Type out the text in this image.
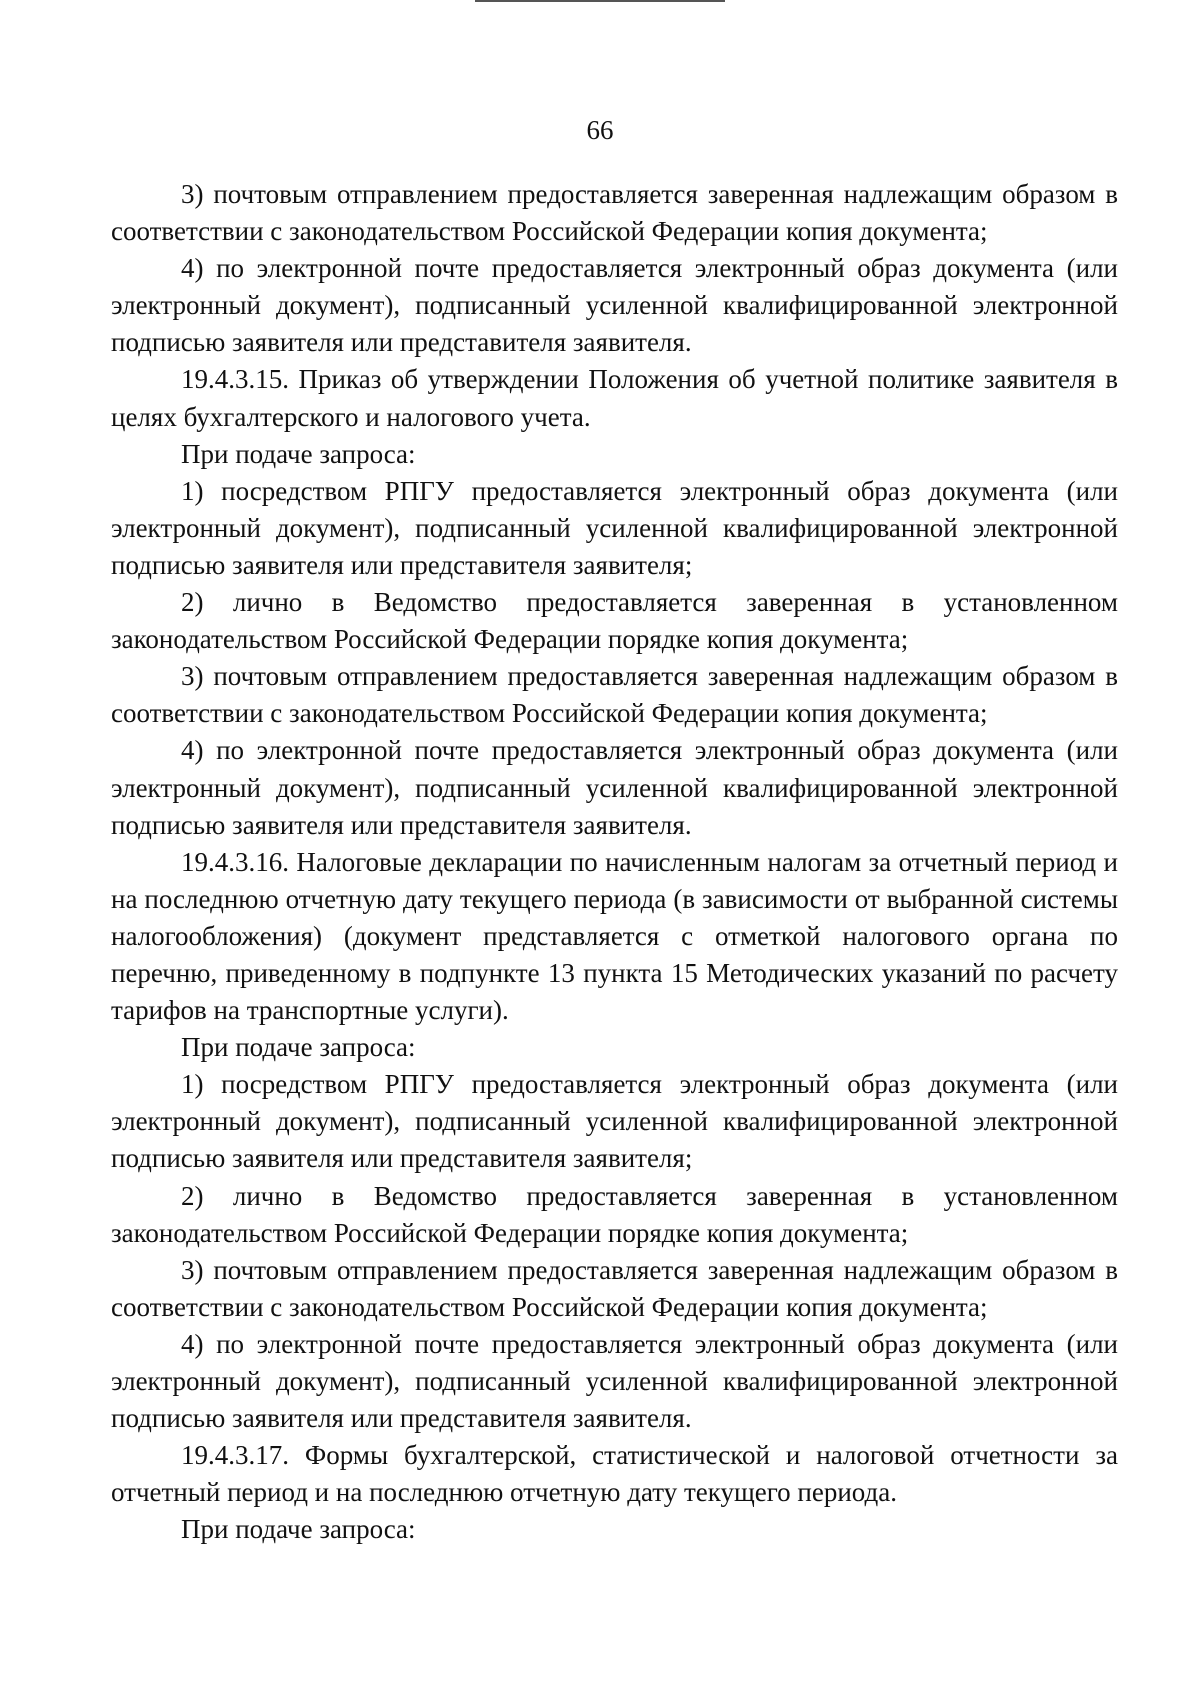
66

3) почтовым отправлением предоставляется заверенная надлежащим образом в соответствии с законодательством Российской Федерации копия документа;

4) по электронной почте предоставляется электронный образ документа (или электронный документ), подписанный усиленной квалифицированной электронной подписью заявителя или представителя заявителя.

19.4.3.15. Приказ об утверждении Положения об учетной политике заявителя в целях бухгалтерского и налогового учета.

При подаче запроса:

1) посредством РПГУ предоставляется электронный образ документа (или электронный документ), подписанный усиленной квалифицированной электронной подписью заявителя или представителя заявителя;

2) лично в Ведомство предоставляется заверенная в установленном законодательством Российской Федерации порядке копия документа;

3) почтовым отправлением предоставляется заверенная надлежащим образом в соответствии с законодательством Российской Федерации копия документа;

4) по электронной почте предоставляется электронный образ документа (или электронный документ), подписанный усиленной квалифицированной электронной подписью заявителя или представителя заявителя.

19.4.3.16. Налоговые декларации по начисленным налогам за отчетный период и на последнюю отчетную дату текущего периода (в зависимости от выбранной системы налогообложения) (документ представляется с отметкой налогового органа по перечню, приведенному в подпункте 13 пункта 15 Методических указаний по расчету тарифов на транспортные услуги).

При подаче запроса:

1) посредством РПГУ предоставляется электронный образ документа (или электронный документ), подписанный усиленной квалифицированной электронной подписью заявителя или представителя заявителя;

2) лично в Ведомство предоставляется заверенная в установленном законодательством Российской Федерации порядке копия документа;

3) почтовым отправлением предоставляется заверенная надлежащим образом в соответствии с законодательством Российской Федерации копия документа;

4) по электронной почте предоставляется электронный образ документа (или электронный документ), подписанный усиленной квалифицированной электронной подписью заявителя или представителя заявителя.

19.4.3.17. Формы бухгалтерской, статистической и налоговой отчетности за отчетный период и на последнюю отчетную дату текущего периода.

При подаче запроса:
